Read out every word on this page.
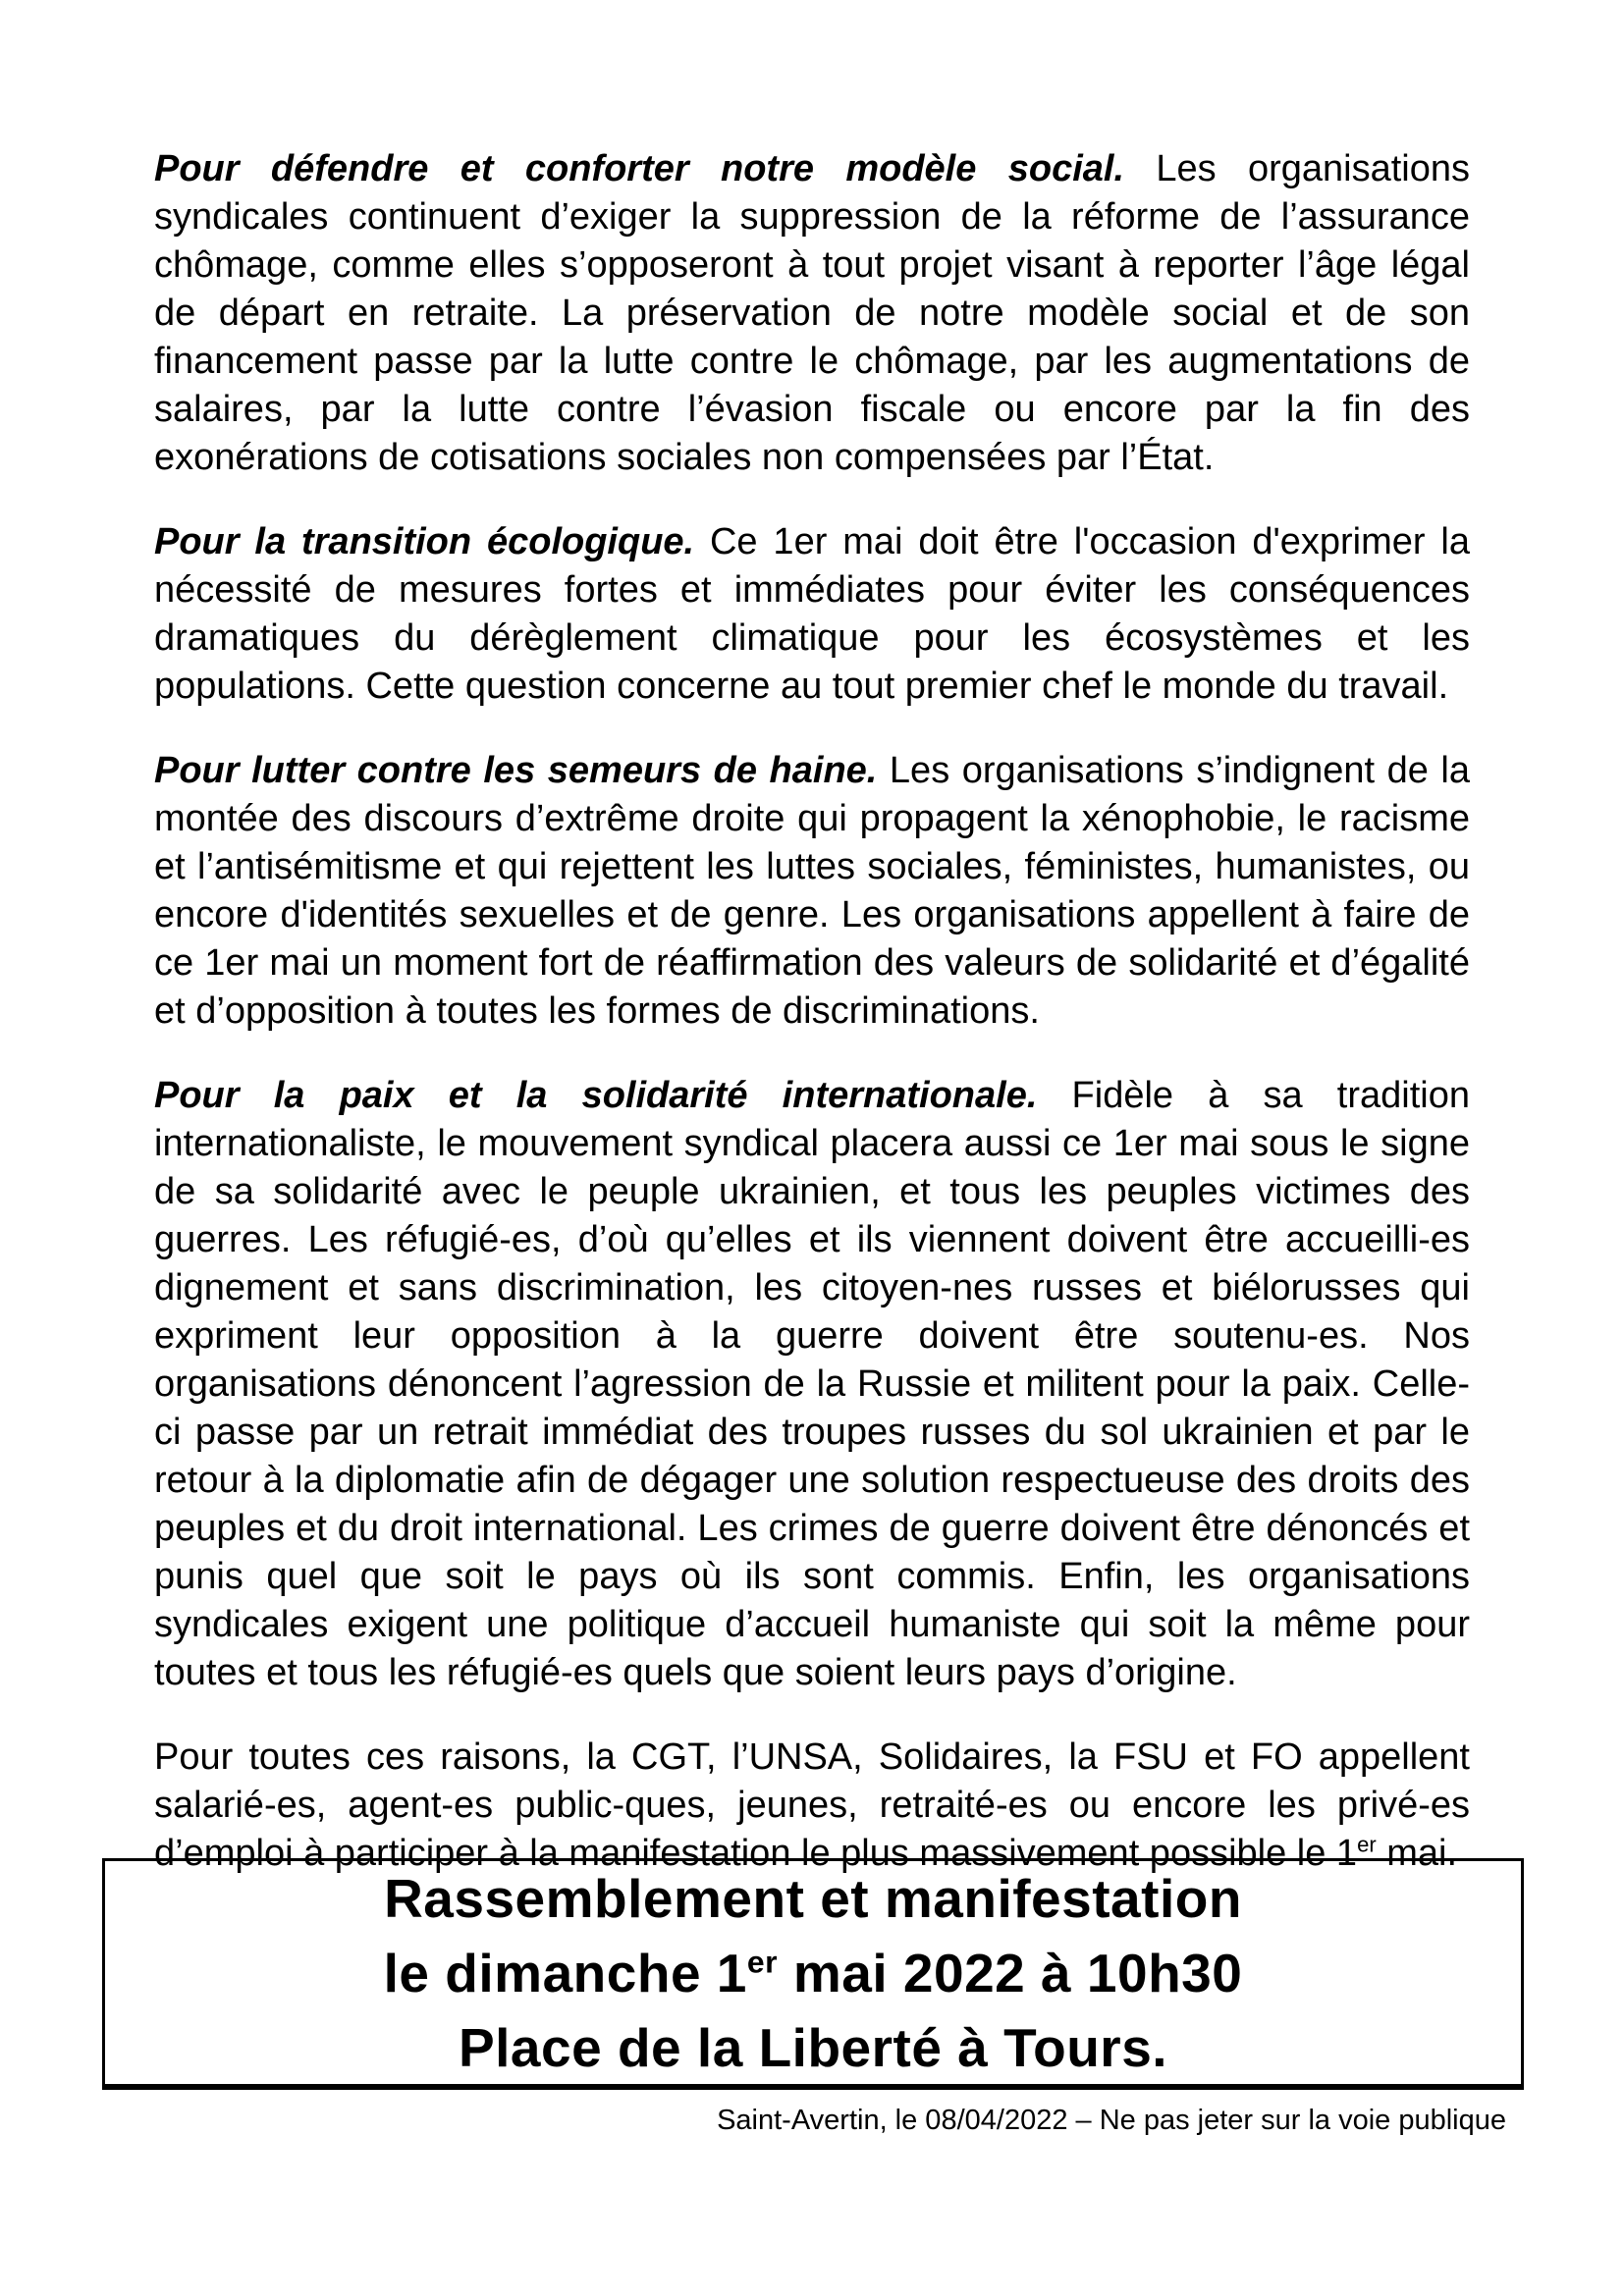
Pour défendre et conforter notre modèle social. Les organisations syndicales continuent d’exiger la suppression de la réforme de l’assurance chômage, comme elles s’opposeront à tout projet visant à reporter l’âge légal de départ en retraite. La préservation de notre modèle social et de son financement passe par la lutte contre le chômage, par les augmentations de salaires, par la lutte contre l’évasion fiscale ou encore par la fin des exonérations de cotisations sociales non compensées par l’État.

Pour la transition écologique. Ce 1er mai doit être l'occasion d'exprimer la nécessité de mesures fortes et immédiates pour éviter les conséquences dramatiques du dérèglement climatique pour les écosystèmes et les populations. Cette question concerne au tout premier chef le monde du travail.

Pour lutter contre les semeurs de haine. Les organisations s’indignent de la montée des discours d’extrême droite qui propagent la xénophobie, le racisme et l’antisémitisme et qui rejettent les luttes sociales, féministes, humanistes, ou encore d'identités sexuelles et de genre. Les organisations appellent à faire de ce 1er mai un moment fort de réaffirmation des valeurs de solidarité et d’égalité et d’opposition à toutes les formes de discriminations.

Pour la paix et la solidarité internationale. Fidèle à sa tradition internationaliste, le mouvement syndical placera aussi ce 1er mai sous le signe de sa solidarité avec le peuple ukrainien, et tous les peuples victimes des guerres. Les réfugié-es, d’où qu’elles et ils viennent doivent être accueilli-es dignement et sans discrimination, les citoyen-nes russes et biélorusses qui expriment leur opposition à la guerre doivent être soutenu-es. Nos organisations dénoncent l’agression de la Russie et militent pour la paix. Celle-ci passe par un retrait immédiat des troupes russes du sol ukrainien et par le retour à la diplomatie afin de dégager une solution respectueuse des droits des peuples et du droit international. Les crimes de guerre doivent être dénoncés et punis quel que soit le pays où ils sont commis. Enfin, les organisations syndicales exigent une politique d’accueil humaniste qui soit la même pour toutes et tous les réfugié-es quels que soient leurs pays d’origine.

Pour toutes ces raisons, la CGT, l’UNSA, Solidaires, la FSU et FO appellent salarié-es, agent-es public-ques, jeunes, retraité-es ou encore les privé-es d’emploi à participer à la manifestation le plus massivement possible le 1er mai.

Rassemblement et manifestation
le dimanche 1er mai 2022 à 10h30
Place de la Liberté à Tours.
Saint-Avertin, le 08/04/2022 – Ne pas jeter sur la voie publique
